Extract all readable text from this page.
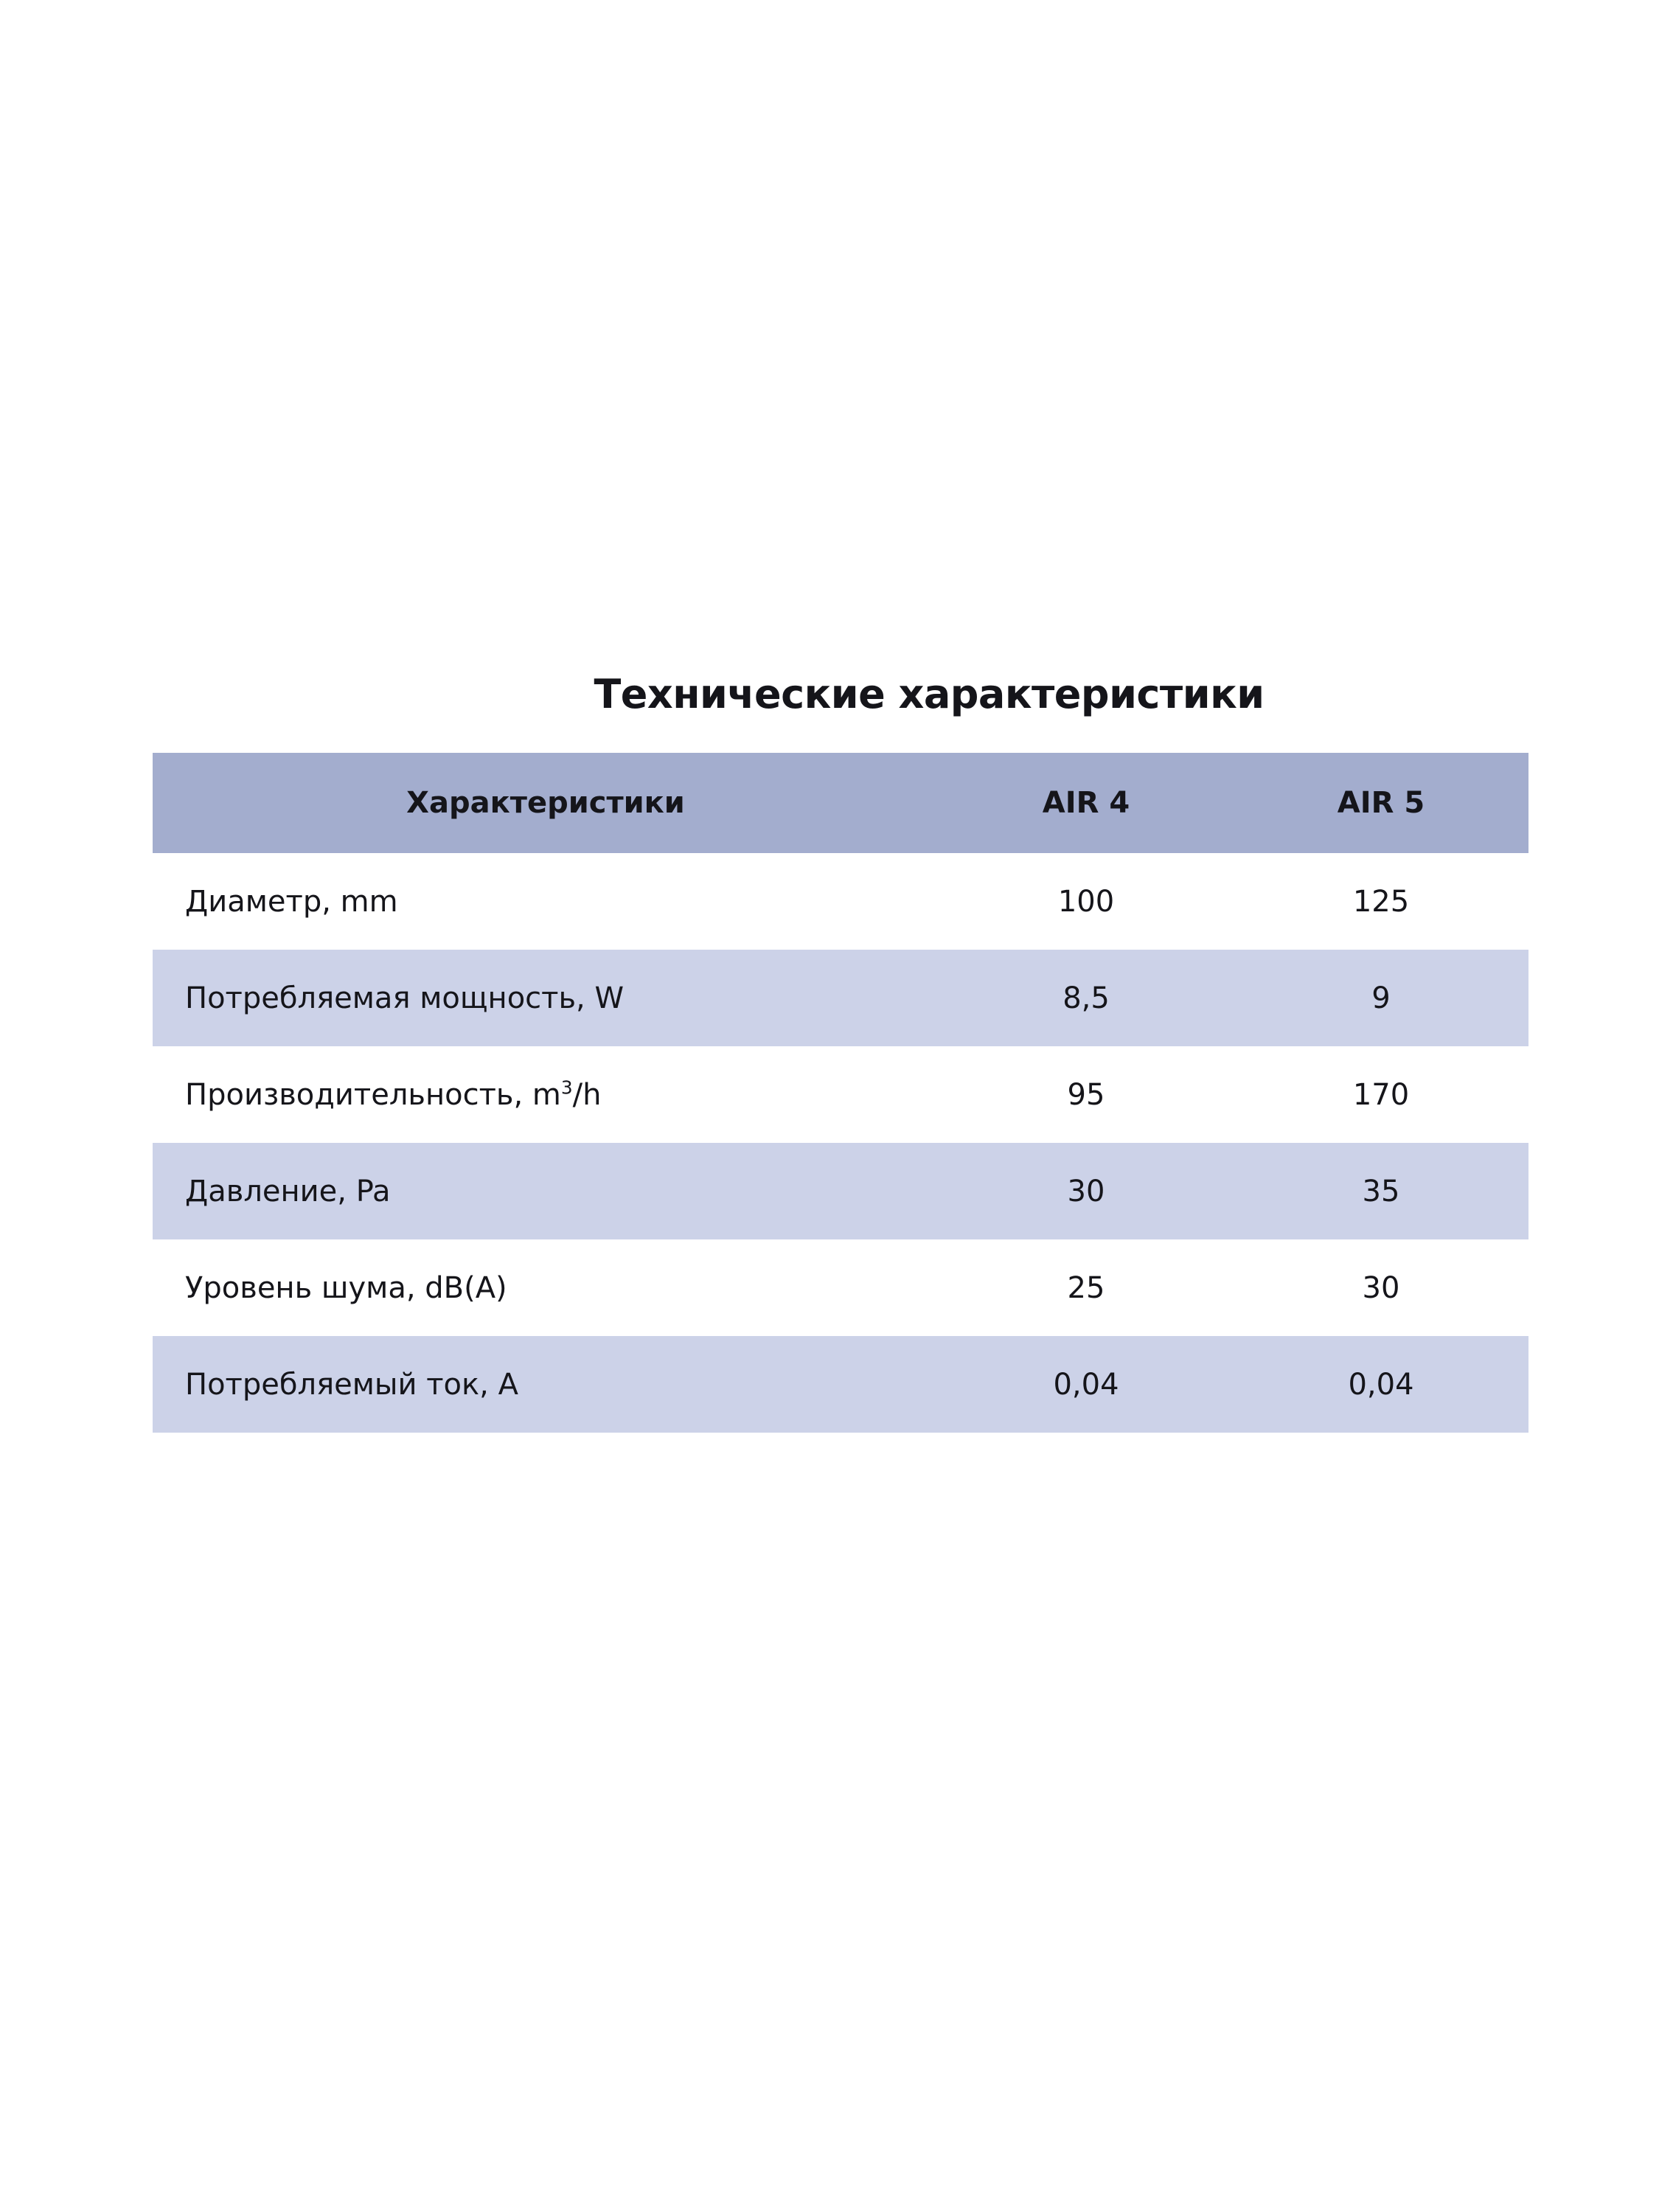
Технические характеристики
Характеристики	AIR 4	AIR 5
Диаметр, mm	100	125
Потребляемая мощность, W	8,5	9
Производительность, $m^3/h$	95	170
Давление, Pa	30	35
Уровень шума, dB(A)	25	30
Потребляемый ток, A	0,04	0,04
